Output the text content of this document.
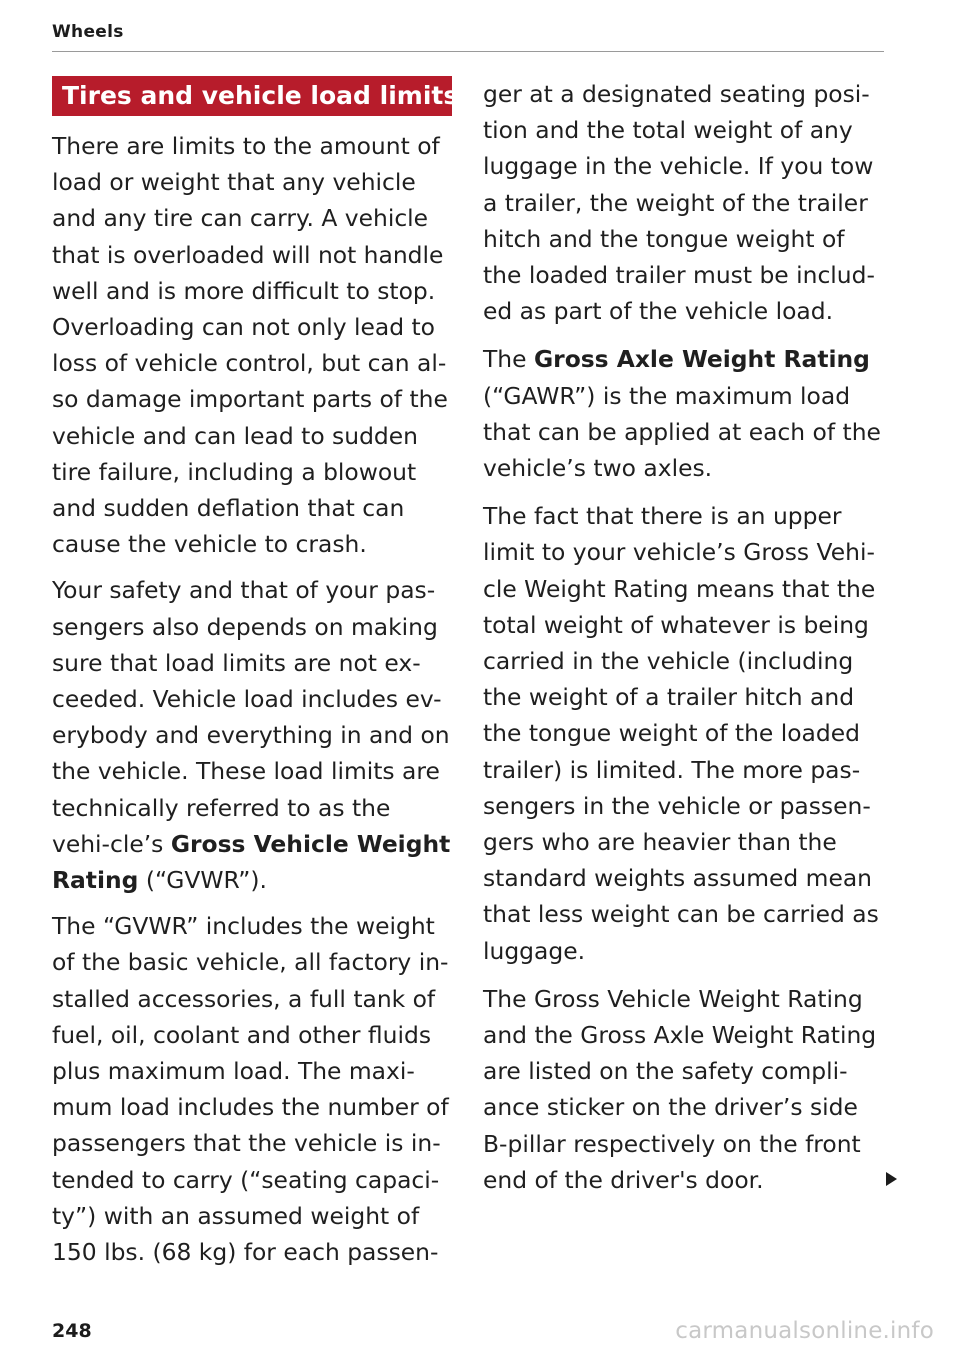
Wheels
Tires and vehicle load limits

There are limits to the amount of load or weight that any vehicle and any tire can carry. A vehicle that is overloaded will not handle well and is more difficult to stop. Overloading can not only lead to loss of vehicle control, but can al-so damage important parts of the vehicle and can lead to sudden tire failure, including a blowout and sudden deflation that can cause the vehicle to crash.

Your safety and that of your pas-sengers also depends on making sure that load limits are not ex-ceeded. Vehicle load includes ev-erybody and everything in and on the vehicle. These load limits are technically referred to as the vehi-cle’s Gross Vehicle Weight Rating (“GVWR”).

The “GVWR” includes the weight of the basic vehicle, all factory in-stalled accessories, a full tank of fuel, oil, coolant and other fluids plus maximum load. The maxi-mum load includes the number of passengers that the vehicle is in-tended to carry (“seating capaci-ty”) with an assumed weight of 150 lbs. (68 kg) for each passen-

ger at a designated seating posi-tion and the total weight of any luggage in the vehicle. If you tow a trailer, the weight of the trailer hitch and the tongue weight of the loaded trailer must be includ-ed as part of the vehicle load.

The Gross Axle Weight Rating (“GAWR”) is the maximum load that can be applied at each of the vehicle’s two axles.

The fact that there is an upper limit to your vehicle’s Gross Vehi-cle Weight Rating means that the total weight of whatever is being carried in the vehicle (including the weight of a trailer hitch and the tongue weight of the loaded trailer) is limited. The more pas-sengers in the vehicle or passen-gers who are heavier than the standard weights assumed mean that less weight can be carried as luggage.

The Gross Vehicle Weight Rating and the Gross Axle Weight Rating are listed on the safety compli-ance sticker on the driver’s side B-pillar respectively on the front end of the driver's door.

248	carmanualsonline.info
